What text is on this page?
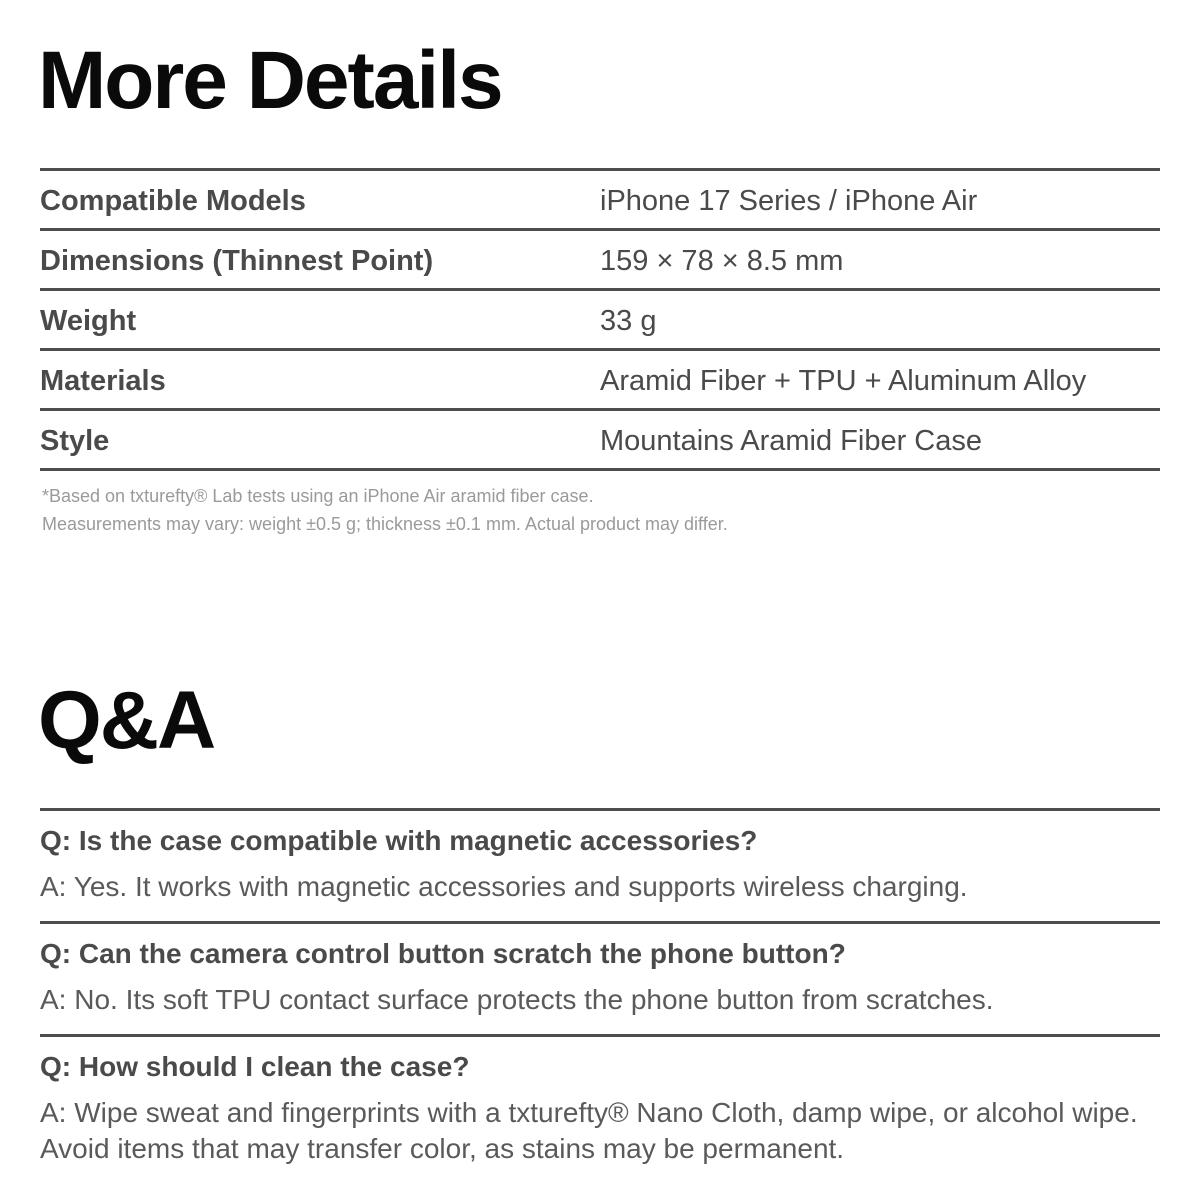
More Details
Compatible Models	iPhone 17 Series / iPhone Air
Dimensions (Thinnest Point)	159 × 78 × 8.5 mm
Weight	33 g
Materials	Aramid Fiber + TPU + Aluminum Alloy
Style	Mountains Aramid Fiber Case
*Based on txturefty® Lab tests using an iPhone Air aramid fiber case.
Measurements may vary: weight ±0.5 g; thickness ±0.1 mm. Actual product may differ.
Q&A
Q: Is the case compatible with magnetic accessories?
A: Yes. It works with magnetic accessories and supports wireless charging.
Q: Can the camera control button scratch the phone button?
A: No. Its soft TPU contact surface protects the phone button from scratches.
Q: How should I clean the case?
A: Wipe sweat and fingerprints with a txturefty® Nano Cloth, damp wipe, or alcohol wipe.
Avoid items that may transfer color, as stains may be permanent.
